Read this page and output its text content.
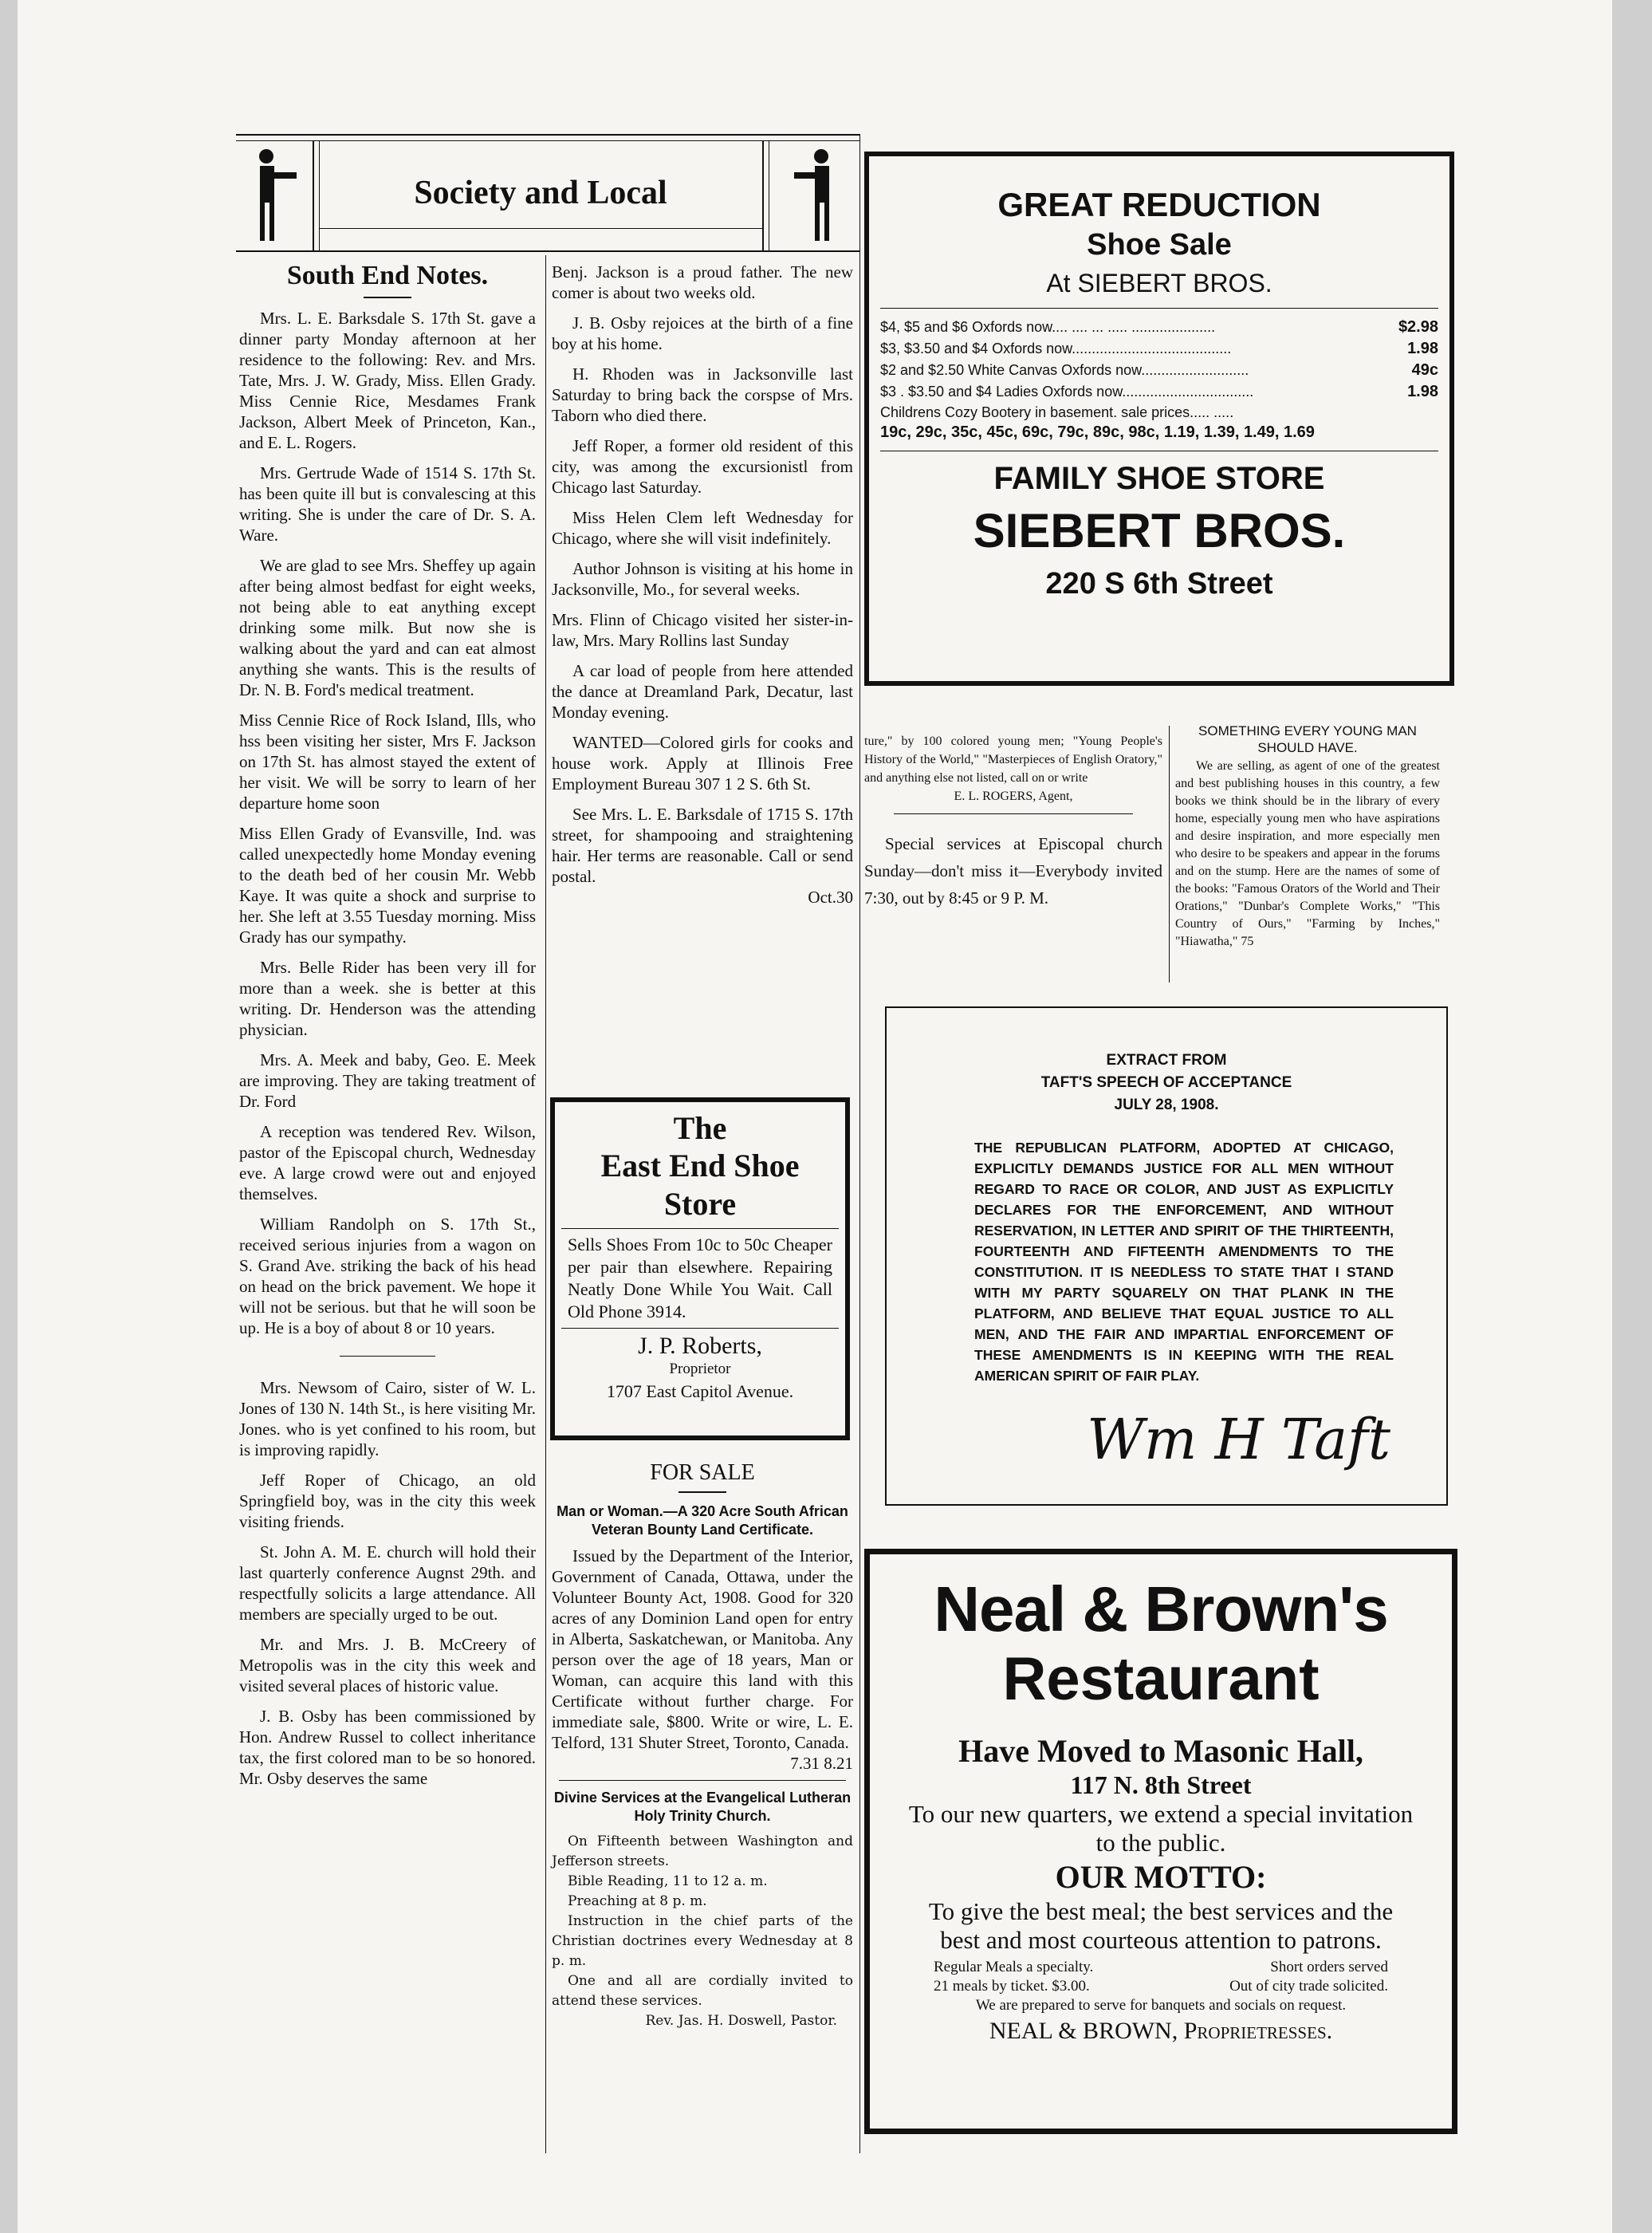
Society and Local
South End Notes.

Mrs. L. E. Barksdale S. 17th St. gave a dinner party Monday afternoon at her residence to the following: Rev. and Mrs. Tate, Mrs. J. W. Grady, Miss. Ellen Grady. Miss Cennie Rice, Mesdames Frank Jackson, Albert Meek of Princeton, Kan., and E. L. Rogers.

Mrs. Gertrude Wade of 1514 S. 17th St. has been quite ill but is convalescing at this writing. She is under the care of Dr. S. A. Ware.

We are glad to see Mrs. Sheffey up again after being almost bedfast for eight weeks, not being able to eat anything except drinking some milk. But now she is walking about the yard and can eat almost anything she wants. This is the results of Dr. N. B. Ford's medical treatment.

Miss Cennie Rice of Rock Island, Ills, who hss been visiting her sister, Mrs F. Jackson on 17th St. has almost stayed the extent of her visit. We will be sorry to learn of her departure home soon

Miss Ellen Grady of Evansville, Ind. was called unexpectedly home Monday evening to the death bed of her cousin Mr. Webb Kaye. It was quite a shock and surprise to her. She left at 3.55 Tuesday morning. Miss Grady has our sympathy.

Mrs. Belle Rider has been very ill for more than a week. she is better at this writing. Dr. Henderson was the attending physician.

Mrs. A. Meek and baby, Geo. E. Meek are improving. They are taking treatment of Dr. Ford

A reception was tendered Rev. Wilson, pastor of the Episcopal church, Wednesday eve. A large crowd were out and enjoyed themselves.

William Randolph on S. 17th St., received serious injuries from a wagon on S. Grand Ave. striking the back of his head on head on the brick pavement. We hope it will not be serious. but that he will soon be up. He is a boy of about 8 or 10 years.

Mrs. Newsom of Cairo, sister of W. L. Jones of 130 N. 14th St., is here visiting Mr. Jones. who is yet confined to his room, but is improving rapidly.

Jeff Roper of Chicago, an old Springfield boy, was in the city this week visiting friends.

St. John A. M. E. church will hold their last quarterly conference Augnst 29th. and respectfully solicits a large attendance. All members are specially urged to be out.

Mr. and Mrs. J. B. McCreery of Metropolis was in the city this week and visited several places of historic value.

J. B. Osby has been commissioned by Hon. Andrew Russel to collect inheritance tax, the first colored man to be so honored. Mr. Osby deserves the same

Benj. Jackson is a proud father. The new comer is about two weeks old.

J. B. Osby rejoices at the birth of a fine boy at his home.

H. Rhoden was in Jacksonville last Saturday to bring back the corspse of Mrs. Taborn who died there.

Jeff Roper, a former old resident of this city, was among the excursionistl from Chicago last Saturday.

Miss Helen Clem left Wednesday for Chicago, where she will visit indefinitely.

Author Johnson is visiting at his home in Jacksonville, Mo., for several weeks.

Mrs. Flinn of Chicago visited her sister-in-law, Mrs. Mary Rollins last Sunday

A car load of people from here attended the dance at Dreamland Park, Decatur, last Monday evening.

WANTED—Colored girls for cooks and house work. Apply at Illinois Free Employment Bureau 307 1 2 S. 6th St.

See Mrs. L. E. Barksdale of 1715 S. 17th street, for shampooing and straightening hair. Her terms are reasonable. Call or send postal.

Oct.30
The
East End Shoe
Store
Sells Shoes From 10c to 50c Cheaper per pair than elsewhere. Repairing Neatly Done While You Wait. Call Old Phone 3914.
J. P. Roberts,
Proprietor
1707 East Capitol Avenue.
FOR SALE
Man or Woman.—A 320 Acre South African Veteran Bounty Land Certificate.

Issued by the Department of the Interior, Government of Canada, Ottawa, under the Volunteer Bounty Act, 1908. Good for 320 acres of any Dominion Land open for entry in Alberta, Saskatchewan, or Manitoba. Any person over the age of 18 years, Man or Woman, can acquire this land with this Certificate without further charge. For immediate sale, $800. Write or wire, L. E. Telford, 131 Shuter Street, Toronto, Canada.

7.31 8.21
Divine Services at the Evangelical Lutheran Holy Trinity Church.
On Fifteenth between Washington and Jefferson streets.
Bible Reading, 11 to 12 a. m.
Preaching at 8 p. m.
Instruction in the chief parts of the Christian doctrines every Wednesday at 8 p. m.
One and all are cordially invited to attend these services.
Rev. Jas. H. Doswell, Pastor.
GREAT REDUCTION
Shoe Sale
At SIEBERT BROS.
$4, $5 and $6 Oxfords now.... .... ... ..... .....................	$2.98
$3, $3.50 and $4 Oxfords now........................................	1.98
$2 and $2.50 White Canvas Oxfords now...........................	49c
$3 . $3.50 and $4 Ladies Oxfords now.................................	1.98
Childrens Cozy Bootery in basement. sale prices..... .....
19c, 29c, 35c, 45c, 69c, 79c, 89c, 98c, 1.19, 1.39, 1.49, 1.69
FAMILY SHOE STORE
SIEBERT BROS.
220 S 6th Street

ture," by 100 colored young men; "Young People's History of the World," "Masterpieces of English Oratory," and anything else not listed, call on or write

E. L. ROGERS, Agent,

Special services at Episcopal church Sunday—don't miss it—Everybody invited 7:30, out by 8:45 or 9 P. M.

SOMETHING EVERY YOUNG MAN SHOULD HAVE.

We are selling, as agent of one of the greatest and best publishing houses in this country, a few books we think should be in the library of every home, especially young men who have aspirations and desire inspiration, and more especially men who desire to be speakers and appear in the forums and on the stump. Here are the names of some of the books: "Famous Orators of the World and Their Orations," "Dunbar's Complete Works," "This Country of Ours," "Farming by Inches," "Hiawatha," 75

EXTRACT FROM
TAFT'S SPEECH OF ACCEPTANCE
JULY 28, 1908.
THE REPUBLICAN PLATFORM, ADOPTED AT CHICAGO, EXPLICITLY DEMANDS JUSTICE FOR ALL MEN WITHOUT REGARD TO RACE OR COLOR, AND JUST AS EXPLICITLY DECLARES FOR THE ENFORCEMENT, AND WITHOUT RESERVATION, IN LETTER AND SPIRIT OF THE THIRTEENTH, FOURTEENTH AND FIFTEENTH AMENDMENTS TO THE CONSTITUTION. IT IS NEEDLESS TO STATE THAT I STAND WITH MY PARTY SQUARELY ON THAT PLANK IN THE PLATFORM, AND BELIEVE THAT EQUAL JUSTICE TO ALL MEN, AND THE FAIR AND IMPARTIAL ENFORCEMENT OF THESE AMENDMENTS IS IN KEEPING WITH THE REAL AMERICAN SPIRIT OF FAIR PLAY.
Wm H Taft
Neal & Brown's
Restaurant
Have Moved to Masonic Hall,
117 N. 8th Street
To our new quarters, we extend a special invitation to the public.
OUR MOTTO:
To give the best meal; the best services and the best and most courteous attention to patrons.
Regular Meals a specialty.	Short orders served
21 meals by ticket. $3.00.	Out of city trade solicited.
We are prepared to serve for banquets and socials on request.
NEAL & BROWN, Proprietresses.
